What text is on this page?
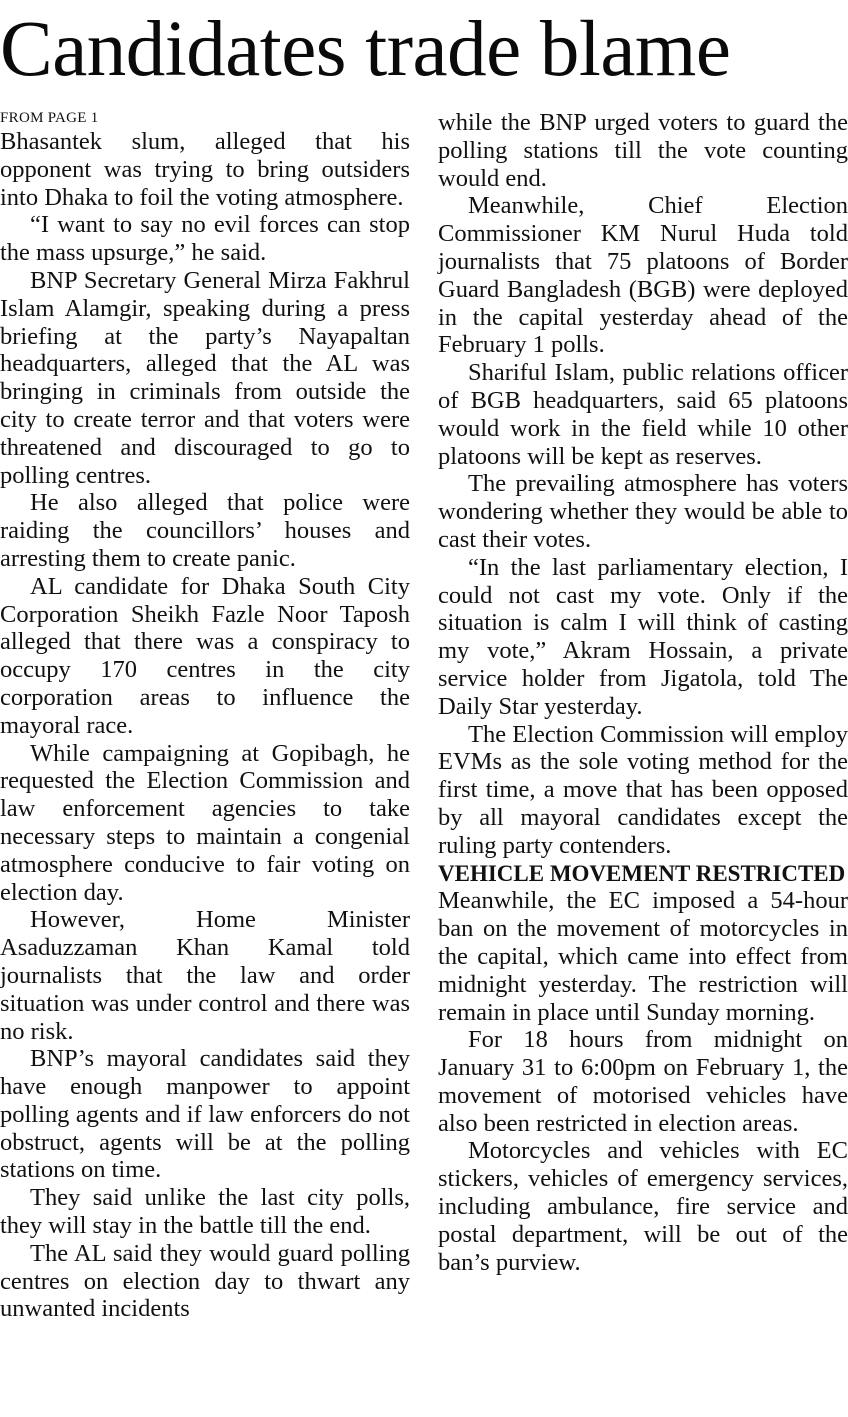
Candidates trade blame
FROM PAGE 1

Bhasantek slum, alleged that his opponent was trying to bring outsiders into Dhaka to foil the voting atmosphere.

“I want to say no evil forces can stop the mass upsurge,” he said.

BNP Secretary General Mirza Fakhrul Islam Alamgir, speaking during a press briefing at the party’s Nayapaltan headquarters, alleged that the AL was bringing in criminals from outside the city to create terror and that voters were threatened and discouraged to go to polling centres.

He also alleged that police were raiding the councillors’ houses and arresting them to create panic.

AL candidate for Dhaka South City Corporation Sheikh Fazle Noor Taposh alleged that there was a conspiracy to occupy 170 centres in the city corporation areas to influence the mayoral race.

While campaigning at Gopibagh, he requested the Election Commission and law enforcement agencies to take necessary steps to maintain a congenial atmosphere conducive to fair voting on election day.

However, Home Minister Asaduzzaman Khan Kamal told journalists that the law and order situation was under control and there was no risk.

BNP’s mayoral candidates said they have enough manpower to appoint polling agents and if law enforcers do not obstruct, agents will be at the polling stations on time.

They said unlike the last city polls, they will stay in the battle till the end.

The AL said they would guard polling centres on election day to thwart any unwanted incidents

while the BNP urged voters to guard the polling stations till the vote counting would end.

Meanwhile, Chief Election Commissioner KM Nurul Huda told journalists that 75 platoons of Border Guard Bangladesh (BGB) were deployed in the capital yesterday ahead of the February 1 polls.

Shariful Islam, public relations officer of BGB headquarters, said 65 platoons would work in the field while 10 other platoons will be kept as reserves.

The prevailing atmosphere has voters wondering whether they would be able to cast their votes.

“In the last parliamentary election, I could not cast my vote. Only if the situation is calm I will think of casting my vote,” Akram Hossain, a private service holder from Jigatola, told The Daily Star yesterday.

The Election Commission will employ EVMs as the sole voting method for the first time, a move that has been opposed by all mayoral candidates except the ruling party contenders.

VEHICLE MOVEMENT RESTRICTED

Meanwhile, the EC imposed a 54-hour ban on the movement of motorcycles in the capital, which came into effect from midnight yesterday. The restriction will remain in place until Sunday morning.

For 18 hours from midnight on January 31 to 6:00pm on February 1, the movement of motorised vehicles have also been restricted in election areas.

Motorcycles and vehicles with EC stickers, vehicles of emergency services, including ambulance, fire service and postal department, will be out of the ban’s purview.
